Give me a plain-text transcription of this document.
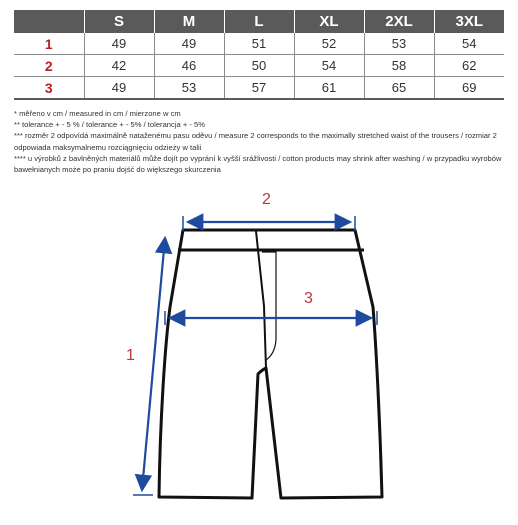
	S	M	L	XL	2XL	3XL
1	49	49	51	52	53	54
2	42	46	50	54	58	62
3	49	53	57	61	65	69
* měřeno v cm / measured in cm / mierzone w cm
** tolerance + - 5 % / tolerance + - 5% / tolerancja + - 5%
*** rozměr 2 odpovídá maximálně nataženému pasu oděvu / measure 2 corresponds to the maximally stretched waist of the trousers / rozmiar 2 odpowiada maksymalnemu rozciągnięciu odzieży w talii
**** u výrobků z bavlněných materiálů může dojít po vyprání k vyšší srážlivosti / cotton products may shrink after washing / w przypadku wyrobów bawełnianych może po praniu dojść do większego skurczenia
2
3
1
